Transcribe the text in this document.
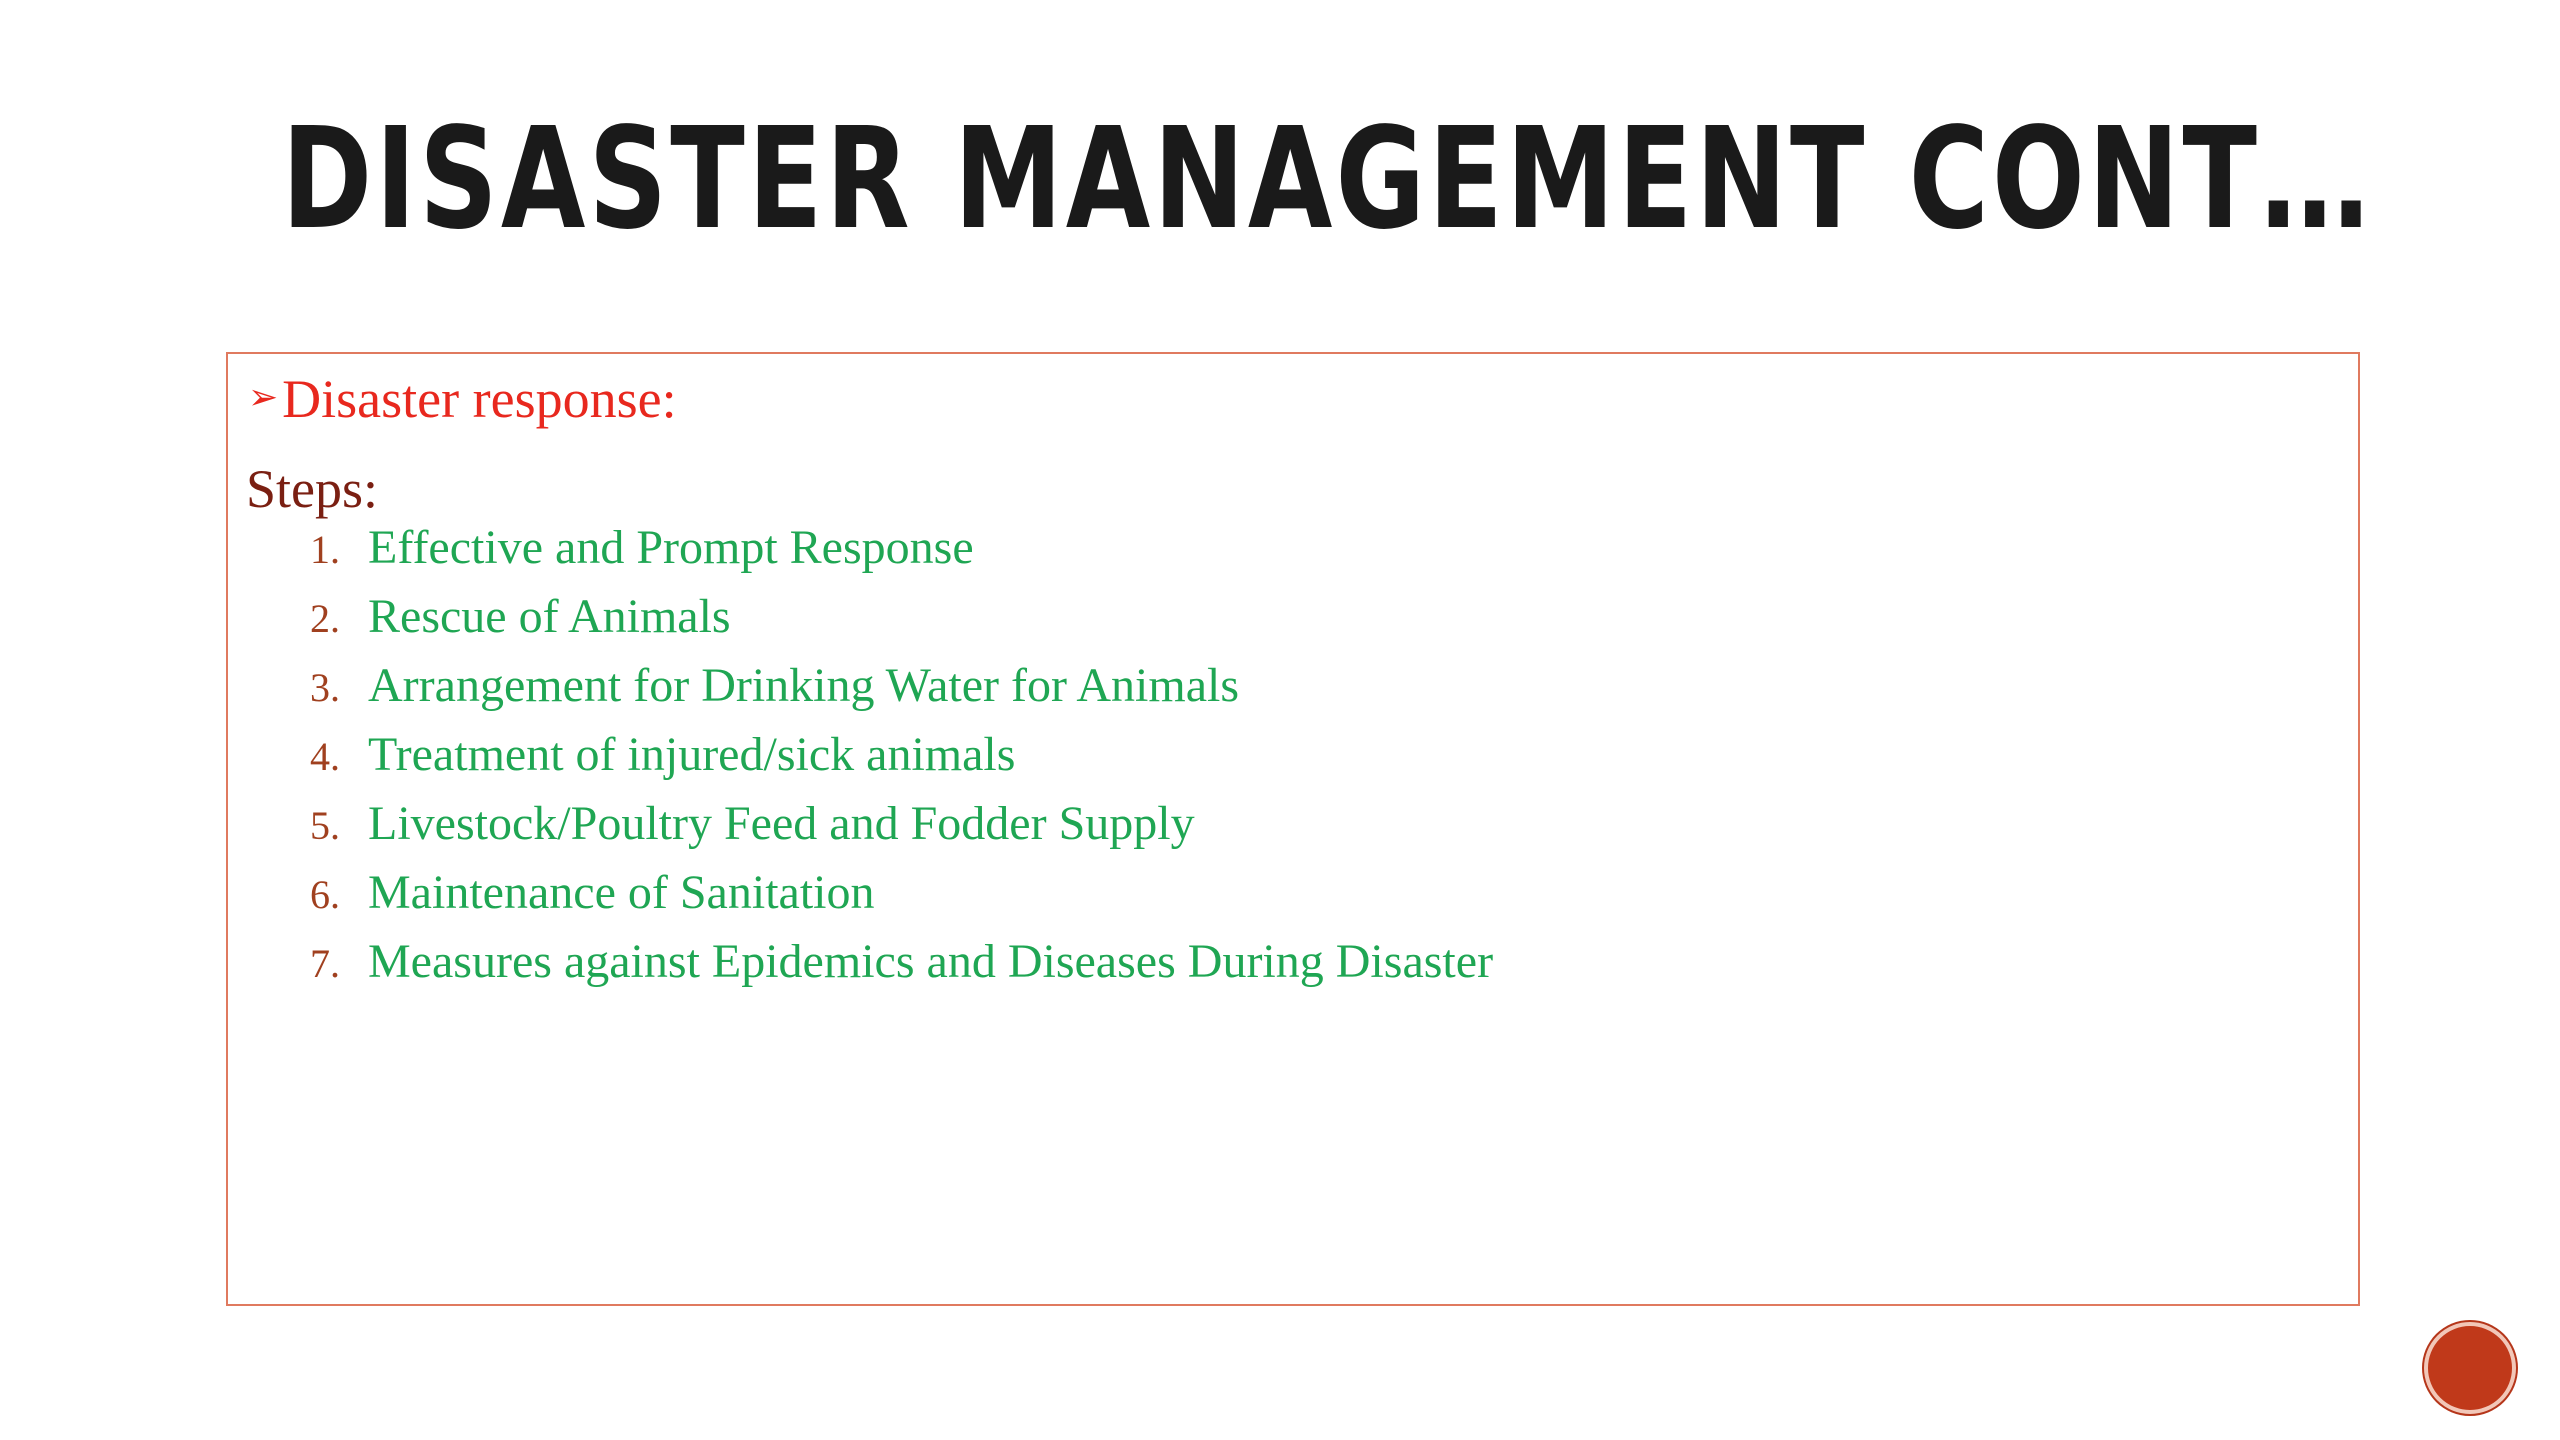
DISASTER MANAGEMENT CONT…
➢ Disaster response:
Steps:
1. Effective and Prompt Response
2. Rescue of Animals
3. Arrangement for Drinking Water for Animals
4. Treatment of injured/sick animals
5. Livestock/Poultry Feed and Fodder Supply
6. Maintenance of Sanitation
7. Measures against Epidemics and Diseases During Disaster
